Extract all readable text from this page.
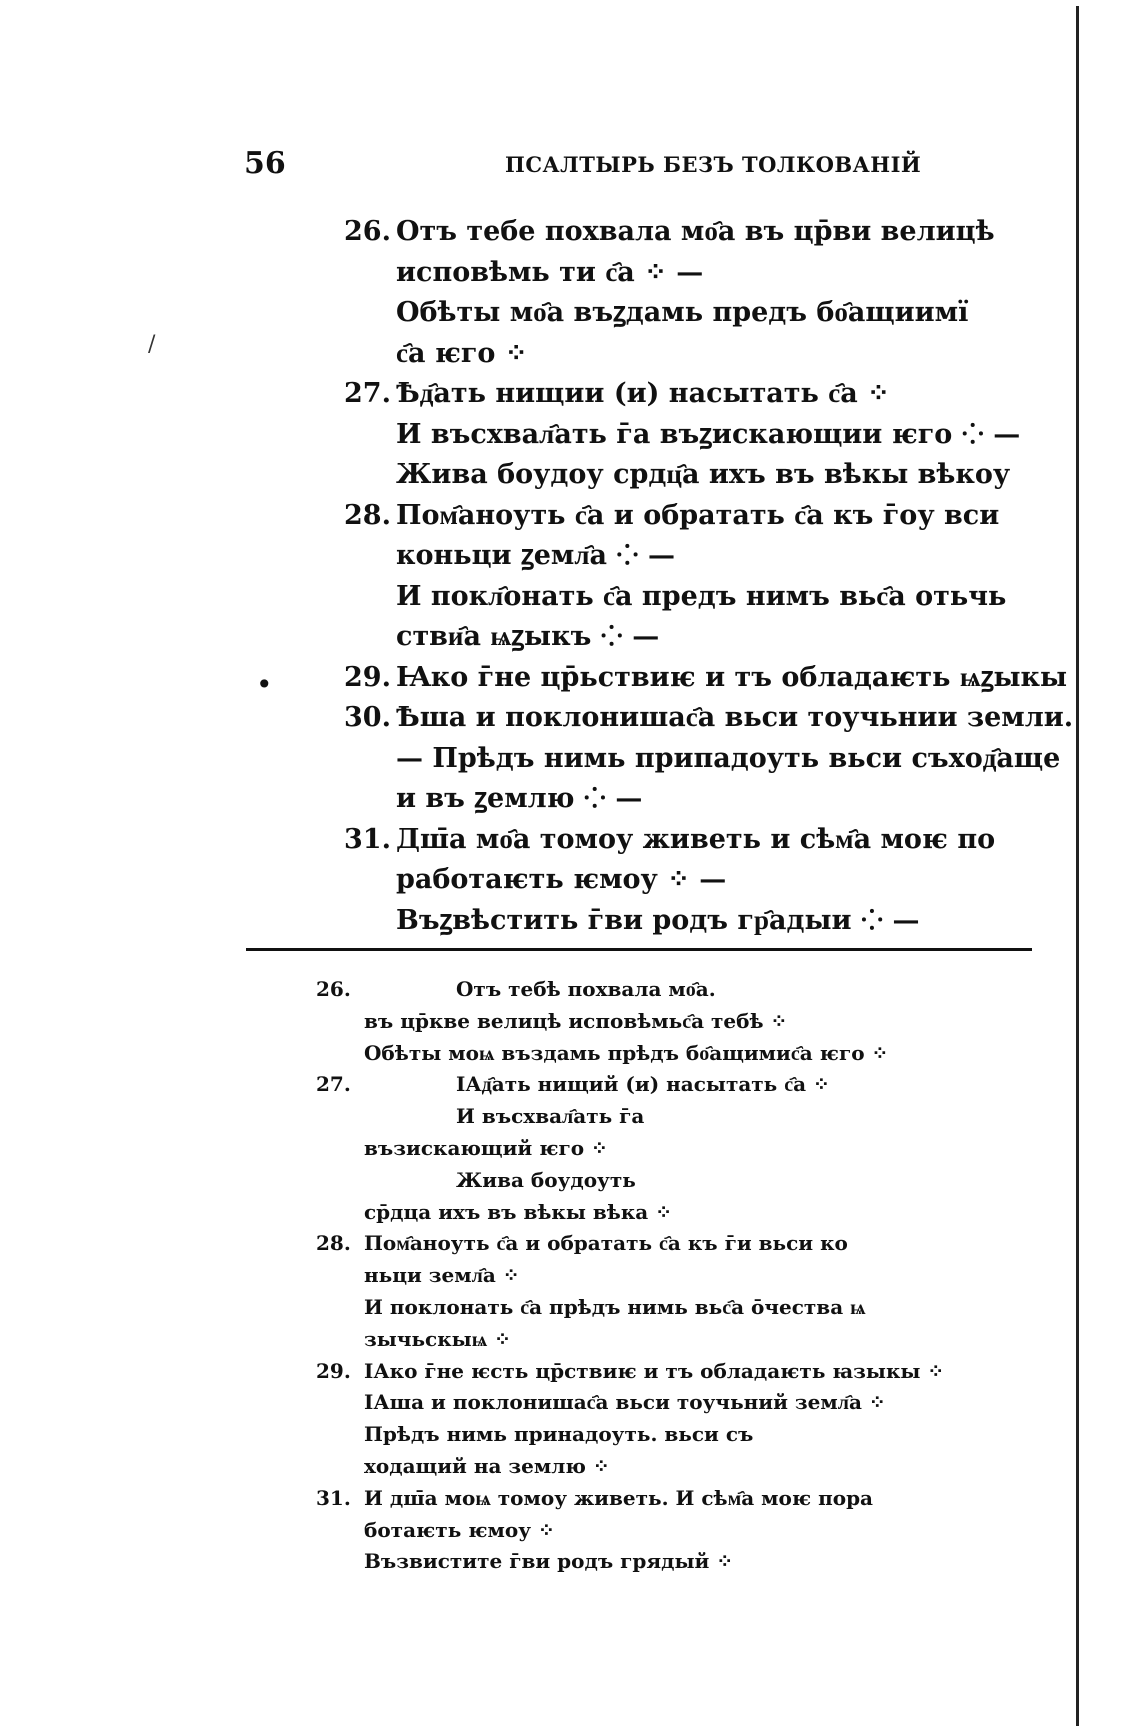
56	ПСАЛТЫРЬ БЕЗЪ ТОЛКОВАНІЙ
26. Отъ тебе похвала мо҄а въ цр̄ви велицѣ
исповѣмь ти с҄а ⁘ —
Обѣты мо҄а въꙁдамь предъ бо҄ащиимї
с҄а ѥго ⁘
27. Ѣд҄ать нищии (и) насытать с҄а ⁘
И въсхвал҄ать г̄а въꙁискающии ѥго ⁘ —
Жива боудоу срдц҄а ихъ въ вѣкы вѣкоу
28. Пом҄аноуть с҄а и обратать с҄а къ г̄оу вси
коньци ꙁемл҄а ⁘ —
И покл҄онать с҄а предъ нимъ вьс҄а отьчь
стви҄а ѩꙁыкъ ⁘ —
29. Ꙗко г̄не цр̄ьствиѥ и тъ обладаѥть ѩꙁыкы
30. Ѣша и поклонишас҄а вьси тоучьнии земли.
— Прѣдъ нимь припадоуть вьси съход҄аще
и въ ꙁемлю ⁘ —
31. Дш̄а мо҄а томоу живеть и сѣм҄а моѥ по
работаѥть ѥмоу ⁘ —
Въꙁвѣстить г̄ви родъ гр҄адыи ⁘ —
26.	Отъ тебѣ похвала мо҄а.
въ цр̄кве велицѣ исповѣмьс҄а тебѣ ⁘
Обѣты моѩ въздамь прѣдъ бо҄ащимис҄а ѥго ⁘
27.	ІАд҄ать нищий (и) насытать с҄а ⁘
И въсхвал҄ать г̄а
възискающий ѥго ⁘
Жива боудоуть
ср̄дца ихъ въ вѣкы вѣка ⁘
28. Пом҄аноуть с҄а и обратать с҄а къ г̄и вьси ко
ньци земл҄а ⁘
И поклонать с҄а прѣдъ нимь вьс҄а о̄чества ѩ
зычьскыѩ ⁘
29. ІАко г̄не ѥсть цр̄ствиѥ и тъ обладаѥть ꙗзыкы ⁘
ІАша и поклонишас҄а вьси тоучьний земл҄а ⁘
Прѣдъ нимь принадоуть. вьси съ
ходащий на землю ⁘
31. И дш̄а моѩ томоу живеть. И сѣм҄а моѥ пора
ботаѥть ѥмоу ⁘
Възвистите г̄ви родъ грядый ⁘
/
•
